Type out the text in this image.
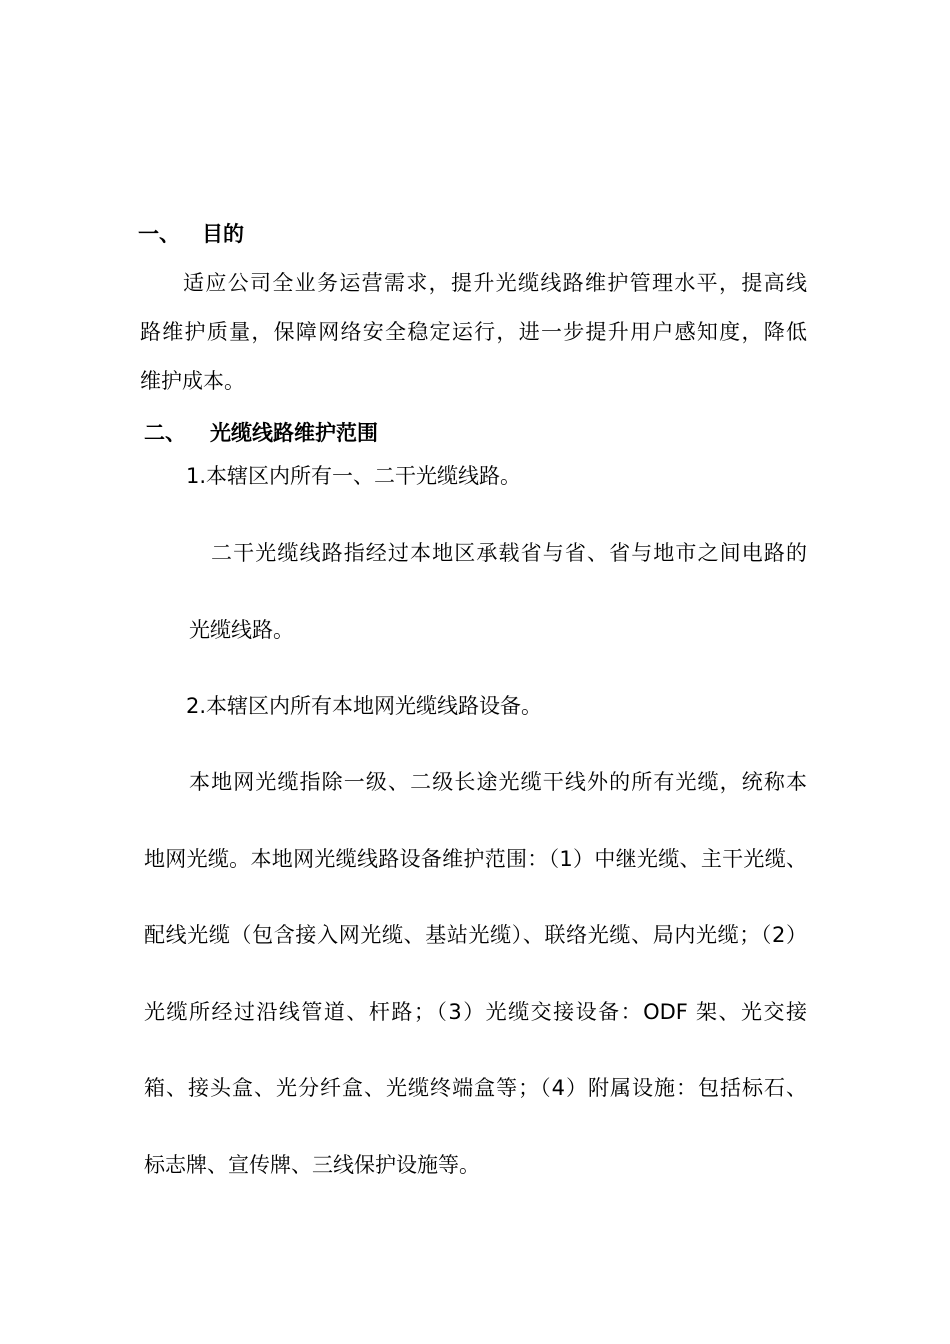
一、 目的

适应公司全业务运营需求，提升光缆线路维护管理水平，提高线

路维护质量，保障网络安全稳定运行，进一步提升用户感知度，降低

维护成本。

二、 光缆线路维护范围

1.本辖区内所有一、二干光缆线路。

二干光缆线路指经过本地区承载省与省、省与地市之间电路的

光缆线路。

2.本辖区内所有本地网光缆线路设备。

本地网光缆指除一级、二级长途光缆干线外的所有光缆，统称本

地网光缆。本地网光缆线路设备维护范围：（1）中继光缆、主干光缆、

配线光缆（包含接入网光缆、基站光缆）、联络光缆、局内光缆；（2）

光缆所经过沿线管道、杆路；（3）光缆交接设备：ODF 架、光交接

箱、接头盒、光分纤盒、光缆终端盒等；（4）附属设施：包括标石、

标志牌、宣传牌、三线保护设施等。
